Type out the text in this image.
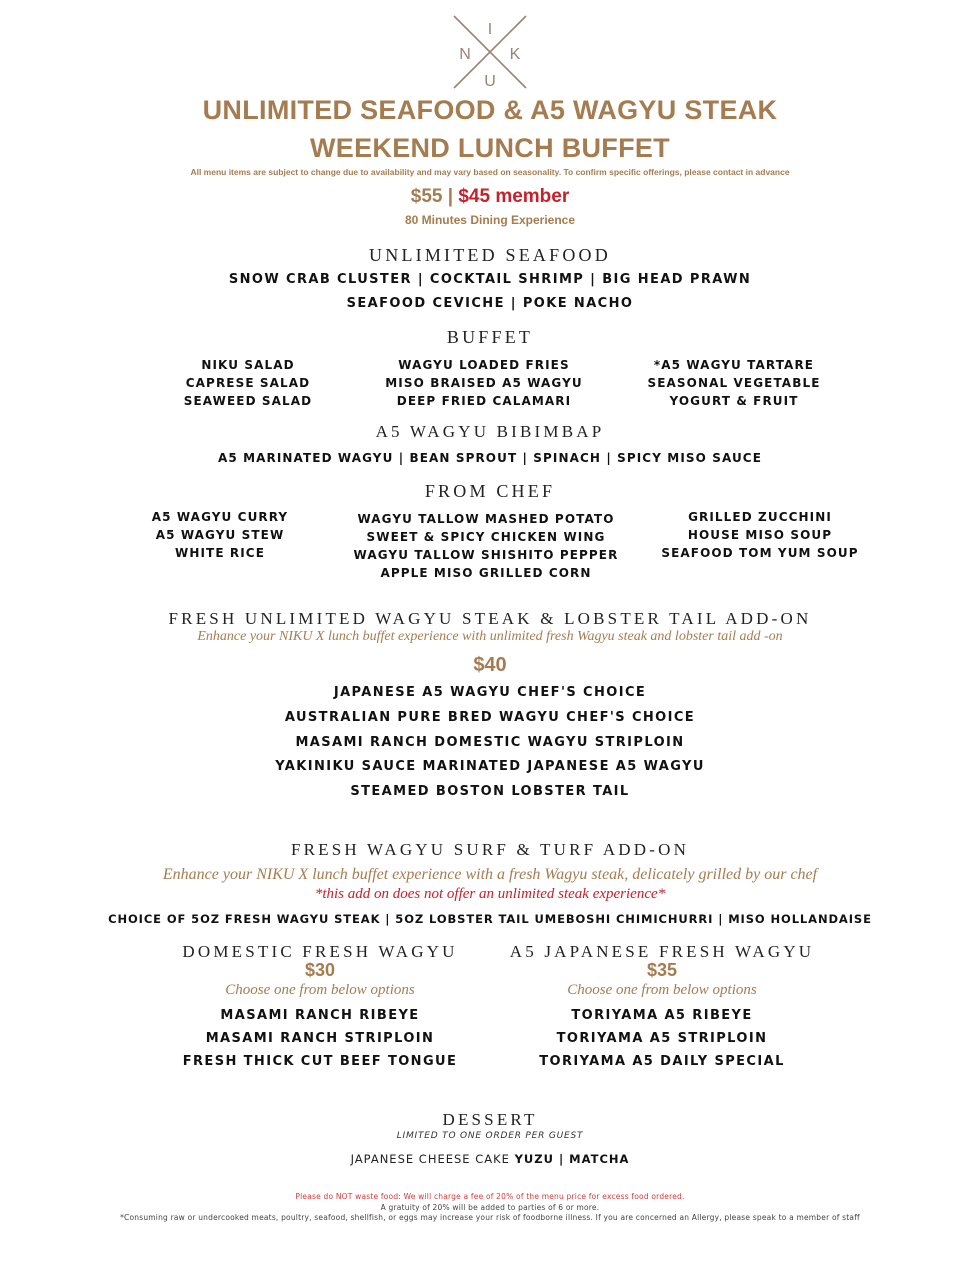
I
N K
U
UNLIMITED SEAFOOD & A5 WAGYU STEAK
WEEKEND LUNCH BUFFET
All menu items are subject to change due to availability and may vary based on seasonality. To confirm specific offerings, please contact in advance
$55 | $45 member
80 Minutes Dining Experience
UNLIMITED SEAFOOD
SNOW CRAB CLUSTER | COCKTAIL SHRIMP | BIG HEAD PRAWN
SEAFOOD CEVICHE | POKE NACHO
BUFFET
NIKU SALAD
CAPRESE SALAD
SEAWEED SALAD
WAGYU LOADED FRIES
MISO BRAISED A5 WAGYU
DEEP FRIED CALAMARI
*A5 WAGYU TARTARE
SEASONAL VEGETABLE
YOGURT & FRUIT
A5 WAGYU BIBIMBAP
A5 MARINATED WAGYU | BEAN SPROUT | SPINACH | SPICY MISO SAUCE
FROM CHEF
A5 WAGYU CURRY
A5 WAGYU STEW
WHITE RICE
WAGYU TALLOW MASHED POTATO
SWEET & SPICY CHICKEN WING
WAGYU TALLOW SHISHITO PEPPER
APPLE MISO GRILLED CORN
GRILLED ZUCCHINI
HOUSE MISO SOUP
SEAFOOD TOM YUM SOUP
FRESH UNLIMITED WAGYU STEAK & LOBSTER TAIL ADD-ON
Enhance your NIKU X lunch buffet experience with unlimited fresh Wagyu steak and lobster tail add -on
$40
JAPANESE A5 WAGYU CHEF'S CHOICE
AUSTRALIAN PURE BRED WAGYU CHEF'S CHOICE
MASAMI RANCH DOMESTIC WAGYU STRIPLOIN
YAKINIKU SAUCE MARINATED JAPANESE A5 WAGYU
STEAMED BOSTON LOBSTER TAIL
FRESH WAGYU SURF & TURF ADD-ON
Enhance your NIKU X lunch buffet experience with a fresh Wagyu steak, delicately grilled by our chef
*this add on does not offer an unlimited steak experience*
CHOICE OF 5OZ FRESH WAGYU STEAK | 5OZ LOBSTER TAIL UMEBOSHI CHIMICHURRI | MISO HOLLANDAISE
DOMESTIC FRESH WAGYU
$30
Choose one from below options
MASAMI RANCH RIBEYE
MASAMI RANCH STRIPLOIN
FRESH THICK CUT BEEF TONGUE
A5 JAPANESE FRESH WAGYU
$35
Choose one from below options
TORIYAMA A5 RIBEYE
TORIYAMA A5 STRIPLOIN
TORIYAMA A5 DAILY SPECIAL
DESSERT
LIMITED TO ONE ORDER PER GUEST
JAPANESE CHEESE CAKE YUZU | MATCHA
Please do NOT waste food: We will charge a fee of 20% of the menu price for excess food ordered.
A gratuity of 20% will be added to parties of 6 or more.
*Consuming raw or undercooked meats, poultry, seafood, shellfish, or eggs may increase your risk of foodborne illness. If you are concerned an Allergy, please speak to a member of staff
